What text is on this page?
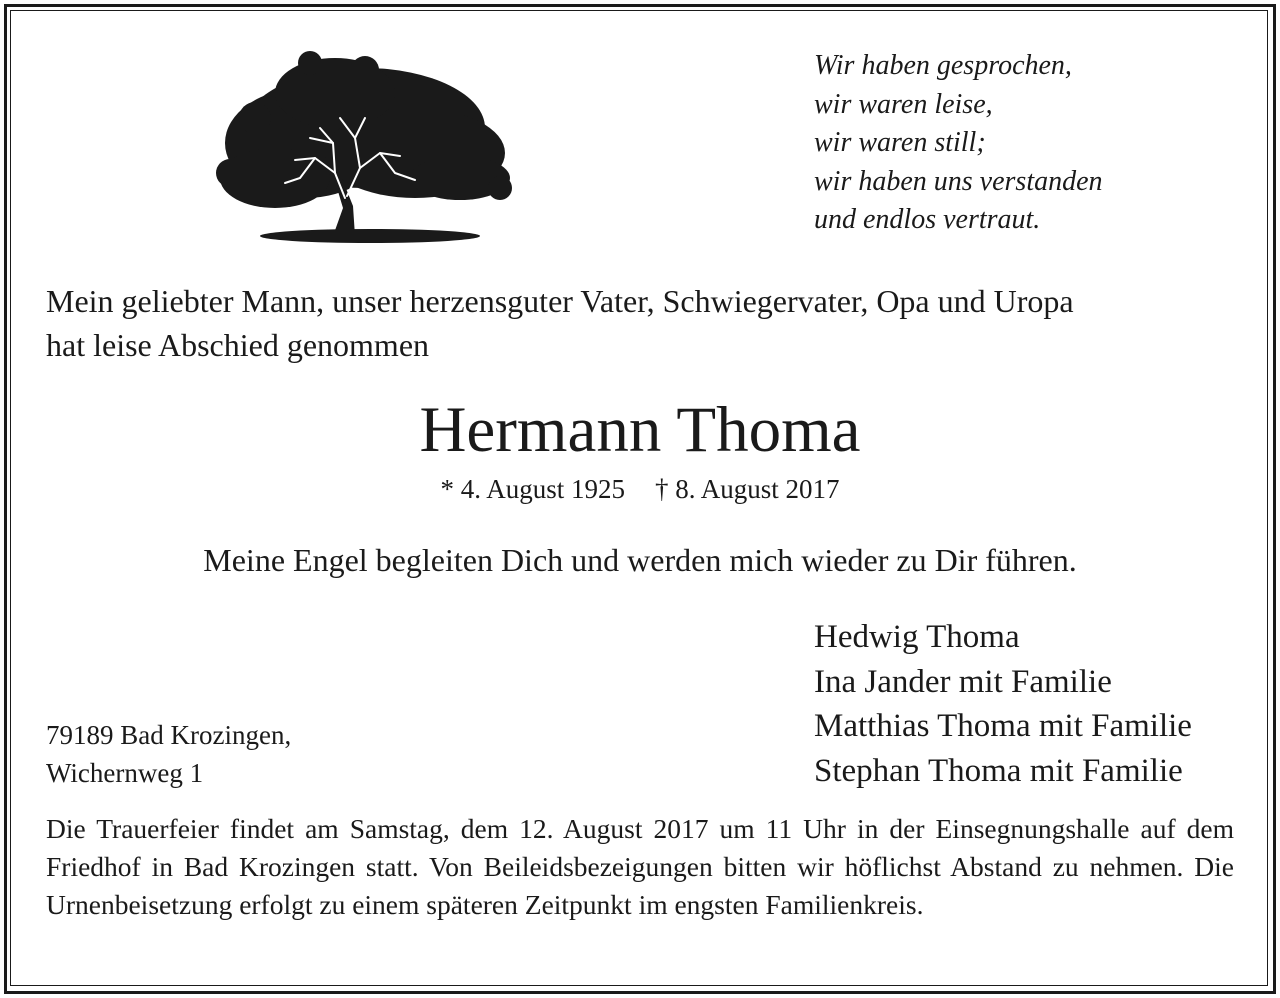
Wir haben gesprochen,
wir waren leise,
wir waren still;
wir haben uns verstanden
und endlos vertraut.
Mein geliebter Mann, unser herzensguter Vater, Schwiegervater, Opa und Uropa
hat leise Abschied genommen
Hermann Thoma
* 4. August 1925 † 8. August 2017
Meine Engel begleiten Dich und werden mich wieder zu Dir führen.
Hedwig Thoma
Ina Jander mit Familie
Matthias Thoma mit Familie
Stephan Thoma mit Familie
79189 Bad Krozingen,
Wichernweg 1
Die Trauerfeier findet am Samstag, dem 12. August 2017 um 11 Uhr in der Einsegnungshalle auf dem Friedhof in Bad Krozingen statt. Von Beileidsbezeigungen bitten wir höflichst Abstand zu nehmen. Die Urnenbeisetzung erfolgt zu einem späteren Zeitpunkt im engsten Familienkreis.
